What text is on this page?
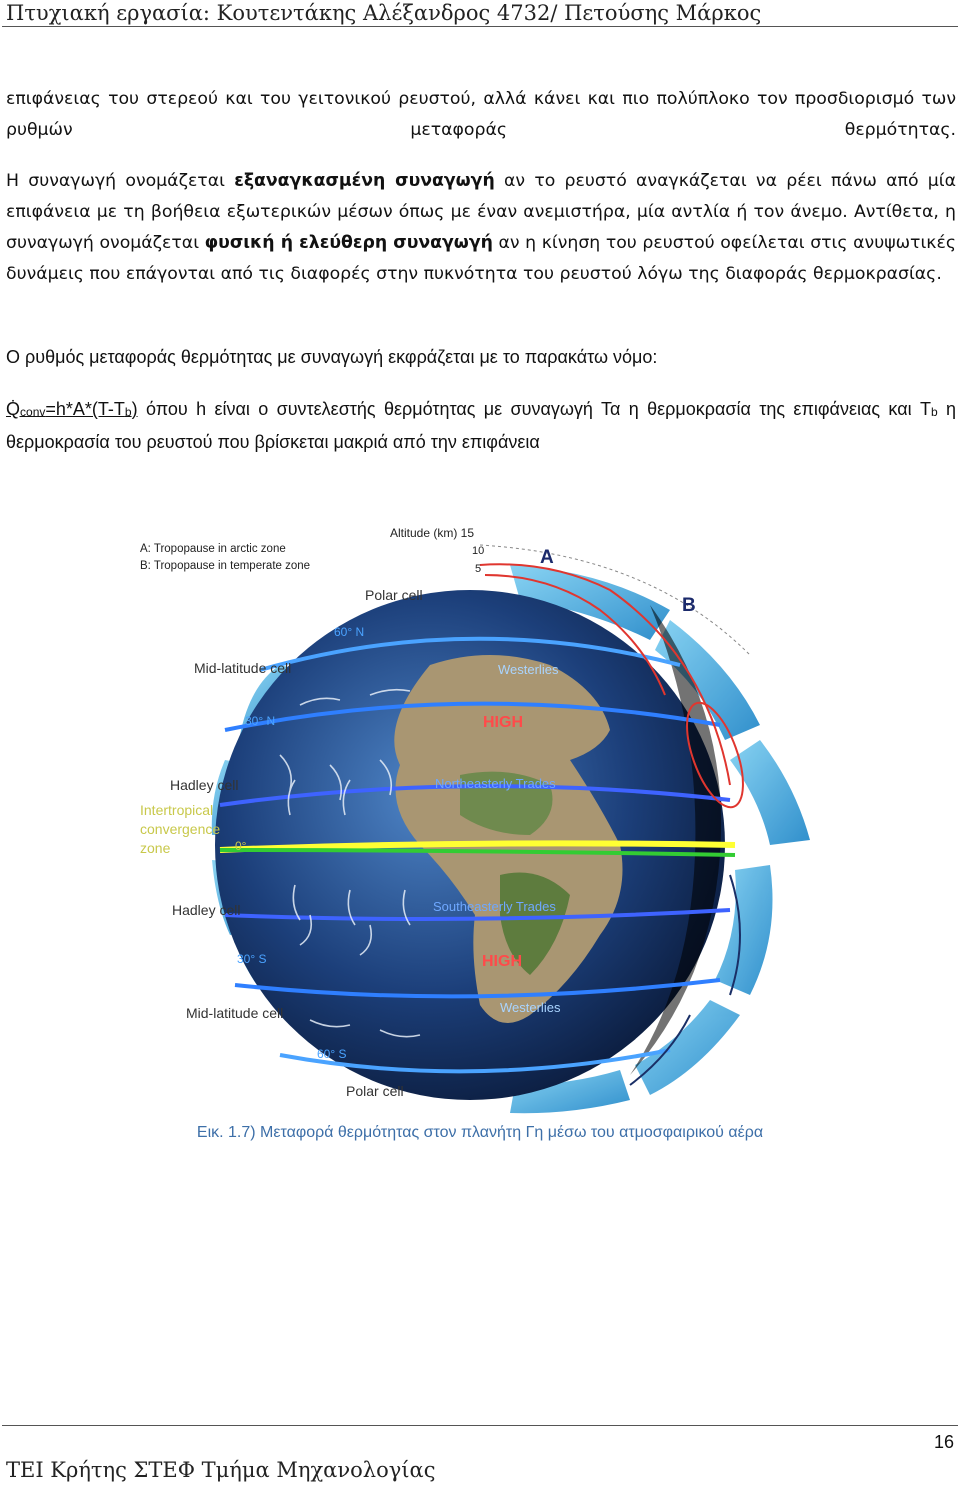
Πτυχιακή εργασία: Κουτεντάκης Αλέξανδρος 4732/ Πετούσης Μάρκος

επιφάνειας του στερεού και του γειτονικού ρευστού, αλλά κάνει και πιο πολύπλοκο τον προσδιορισμό των ρυθμών μεταφοράς θερμότητας.

Η συναγωγή ονομάζεται εξαναγκασμένη συναγωγή αν το ρευστό αναγκάζεται να ρέει πάνω από μία επιφάνεια με τη βοήθεια εξωτερικών μέσων όπως με έναν ανεμιστήρα, μία αντλία ή τον άνεμο. Αντίθετα, η συναγωγή ονομάζεται φυσική ή ελεύθερη συναγωγή αν η κίνηση του ρευστού οφείλεται στις ανυψωτικές δυνάμεις που επάγονται από τις διαφορές στην πυκνότητα του ρευστού λόγω της διαφοράς θερμοκρασίας.

Ο ρυθμός μεταφοράς θερμότητας με συναγωγή εκφράζεται με το παρακάτω νόμο:

$Q̇_{conv}=h*A*(T-T_b)$ όπου h είναι ο συντελεστής θερμότητας με συναγωγή Τα η θερμοκρασία της επιφάνειας και $T_b$ η θερμοκρασία του ρευστού που βρίσκεται μακριά από την επιφάνεια

A: Tropopause in arctic zone
B: Tropopause in temperate zone
Altitude (km) 15
10
5
A
B
Polar cell
60° N
Mid-latitude cell	Westerlies
30° N	HIGH
Hadley cell	Northeasterly Trades
Intertropical
convergence
zone	0°
Hadley cell	Southeasterly Trades
30° S	HIGH
Mid-latitude cell	Westerlies
60° S
Polar cell
Εικ. 1.7) Μεταφορά θερμότητας στον πλανήτη Γη μέσω του ατμοσφαιρικού αέρα
16
ΤΕΙ Κρήτης ΣΤΕΦ Τμήμα Μηχανολογίας
